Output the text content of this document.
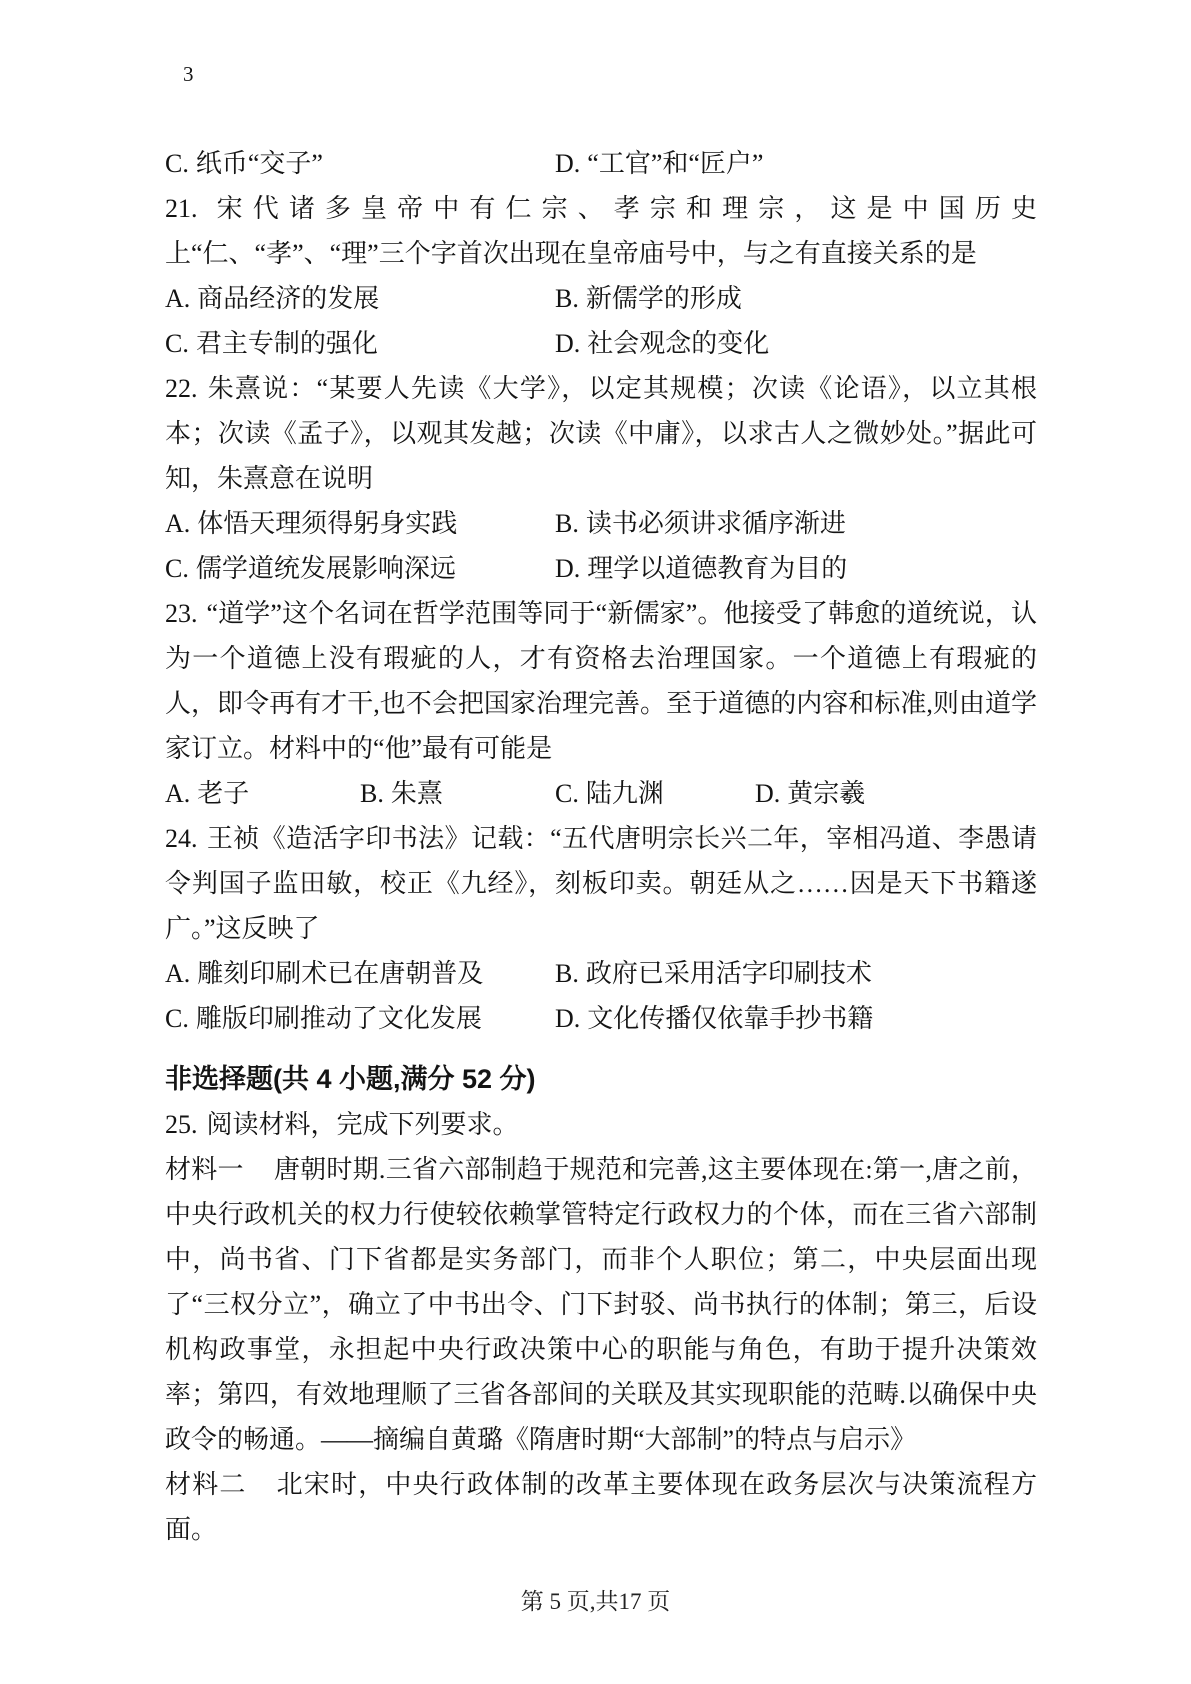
3
C. 纸币“交子”	D. “工官”和“匠户”

21. 宋代诸多皇帝中有仁宗、孝宗和理宗，这是中国历史上“仁、“孝”、“理”三个字首次出现在皇帝庙号中，与之有直接关系的是

A. 商品经济的发展	B. 新儒学的形成
C. 君主专制的强化	D. 社会观念的变化

22. 朱熹说：“某要人先读《大学》，以定其规模；次读《论语》，以立其根本；次读《孟子》，以观其发越；次读《中庸》，以求古人之微妙处。”据此可知，朱熹意在说明

A. 体悟天理须得躬身实践	B. 读书必须讲求循序渐进
C. 儒学道统发展影响深远	D. 理学以道德教育为目的

23. “道学”这个名词在哲学范围等同于“新儒家”。他接受了韩愈的道统说，认为一个道德上没有瑕疵的人，才有资格去治理国家。一个道德上有瑕疵的人，即令再有才干,也不会把国家治理完善。至于道德的内容和标准,则由道学家订立。材料中的“他”最有可能是

A. 老子	B. 朱熹	C. 陆九渊	D. 黄宗羲

24. 王祯《造活字印书法》记载：“五代唐明宗长兴二年，宰相冯道、李愚请令判国子监田敏，校正《九经》，刻板印卖。朝廷从之……因是天下书籍遂广。”这反映了

A. 雕刻印刷术已在唐朝普及	B. 政府已采用活字印刷技术
C. 雕版印刷推动了文化发展	D. 文化传播仅依靠手抄书籍

非选择题(共 4 小题,满分 52 分)

25. 阅读材料，完成下列要求。

材料一 唐朝时期.三省六部制趋于规范和完善,这主要体现在:第一,唐之前，中央行政机关的权力行使较依赖掌管特定行政权力的个体，而在三省六部制中，尚书省、门下省都是实务部门，而非个人职位；第二，中央层面出现了“三权分立”，确立了中书出令、门下封驳、尚书执行的体制；第三，后设机构政事堂，永担起中央行政决策中心的职能与角色，有助于提升决策效率；第四，有效地理顺了三省各部间的关联及其实现职能的范畴.以确保中央政令的畅通。——摘编自黄璐《隋唐时期“大部制”的特点与启示》

材料二 北宋时，中央行政体制的改革主要体现在政务层次与决策流程方面。

第 5 页,共17 页
